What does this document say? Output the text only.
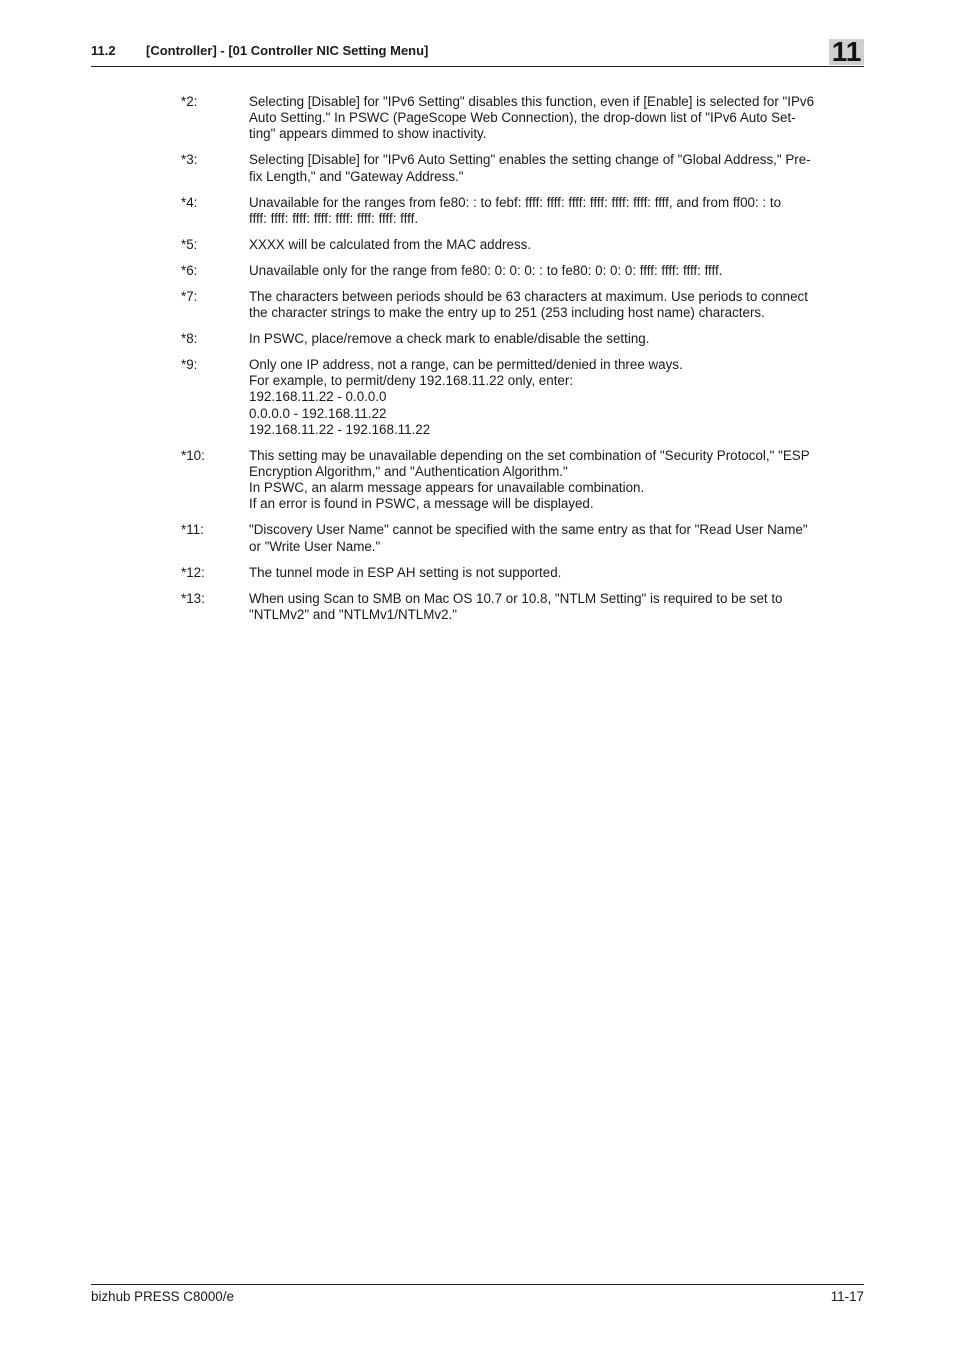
11.2 [Controller] - [01 Controller NIC Setting Menu]	11
*2:	Selecting [Disable] for "IPv6 Setting" disables this function, even if [Enable] is selected for "IPv6
Auto Setting." In PSWC (PageScope Web Connection), the drop-down list of "IPv6 Auto Set-
ting" appears dimmed to show inactivity.
*3:	Selecting [Disable] for "IPv6 Auto Setting" enables the setting change of "Global Address," Pre-
fix Length," and "Gateway Address."
*4:	Unavailable for the ranges from fe80: : to febf: ffff: ffff: ffff: ffff: ffff: ffff: ffff, and from ff00: : to
ffff: ffff: ffff: ffff: ffff: ffff: ffff: ffff.
*5:	XXXX will be calculated from the MAC address.
*6:	Unavailable only for the range from fe80: 0: 0: 0: : to fe80: 0: 0: 0: ffff: ffff: ffff: ffff.
*7:	The characters between periods should be 63 characters at maximum. Use periods to connect
the character strings to make the entry up to 251 (253 including host name) characters.
*8:	In PSWC, place/remove a check mark to enable/disable the setting.
*9:	Only one IP address, not a range, can be permitted/denied in three ways.
For example, to permit/deny 192.168.11.22 only, enter:
192.168.11.22 - 0.0.0.0
0.0.0.0 - 192.168.11.22
192.168.11.22 - 192.168.11.22
*10:	This setting may be unavailable depending on the set combination of "Security Protocol," "ESP
Encryption Algorithm," and "Authentication Algorithm."
In PSWC, an alarm message appears for unavailable combination.
If an error is found in PSWC, a message will be displayed.
*11:	"Discovery User Name" cannot be specified with the same entry as that for "Read User Name"
or "Write User Name."
*12:	The tunnel mode in ESP AH setting is not supported.
*13:	When using Scan to SMB on Mac OS 10.7 or 10.8, "NTLM Setting" is required to be set to
"NTLMv2" and "NTLMv1/NTLMv2."
bizhub PRESS C8000/e	11-17
